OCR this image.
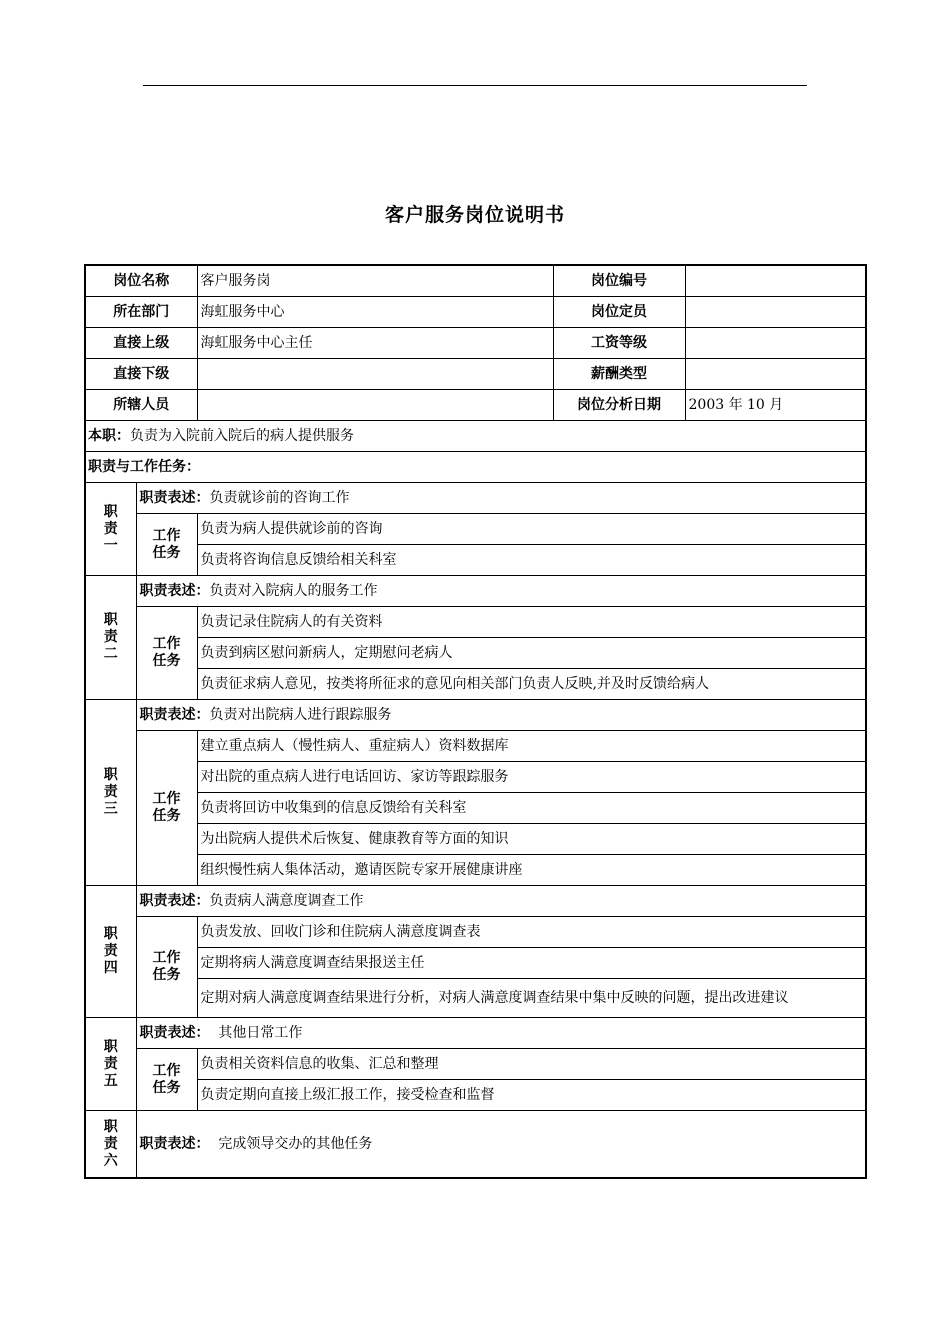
客户服务岗位说明书
岗位名称		客户服务岗	岗位编号	
所在部门		海虹服务中心	岗位定员	
直接上级		海虹服务中心主任	工资等级	
直接下级			薪酬类型	
所辖人员			岗位分析日期	2003 年 10 月
本职：负责为入院前入院后的病人提供服务				
职责与工作任务：				

职
责
一	职责表述：负责就诊前的咨询工作			

	工作
任务	负责为病人提供就诊前的咨询		
		负责将咨询信息反馈给相关科室		

职
责
二	职责表述：负责对入院病人的服务工作			

	工作
任务	负责记录住院病人的有关资料		
		负责到病区慰问新病人，定期慰问老病人		
		负责征求病人意见，按类将所征求的意见向相关部门负责人反映,并及时反馈给病人		

职
责
三	职责表述：负责对出院病人进行跟踪服务			

	工作
任务	建立重点病人（慢性病人、重症病人）资料数据库		
		对出院的重点病人进行电话回访、家访等跟踪服务		
		负责将回访中收集到的信息反馈给有关科室		
		为出院病人提供术后恢复、健康教育等方面的知识		
		组织慢性病人集体活动，邀请医院专家开展健康讲座		

职
责
四	职责表述：负责病人满意度调查工作			

	工作
任务	负责发放、回收门诊和住院病人满意度调查表		
		定期将病人满意度调查结果报送主任		
		定期对病人满意度调查结果进行分析，对病人满意度调查结果中集中反映的问题，提出改进建议		

职
责
五	职责表述：  其他日常工作			

	工作
任务	负责相关资料信息的收集、汇总和整理		
		负责定期向直接上级汇报工作，接受检查和监督		

职
责
六	职责表述：  完成领导交办的其他任务			
